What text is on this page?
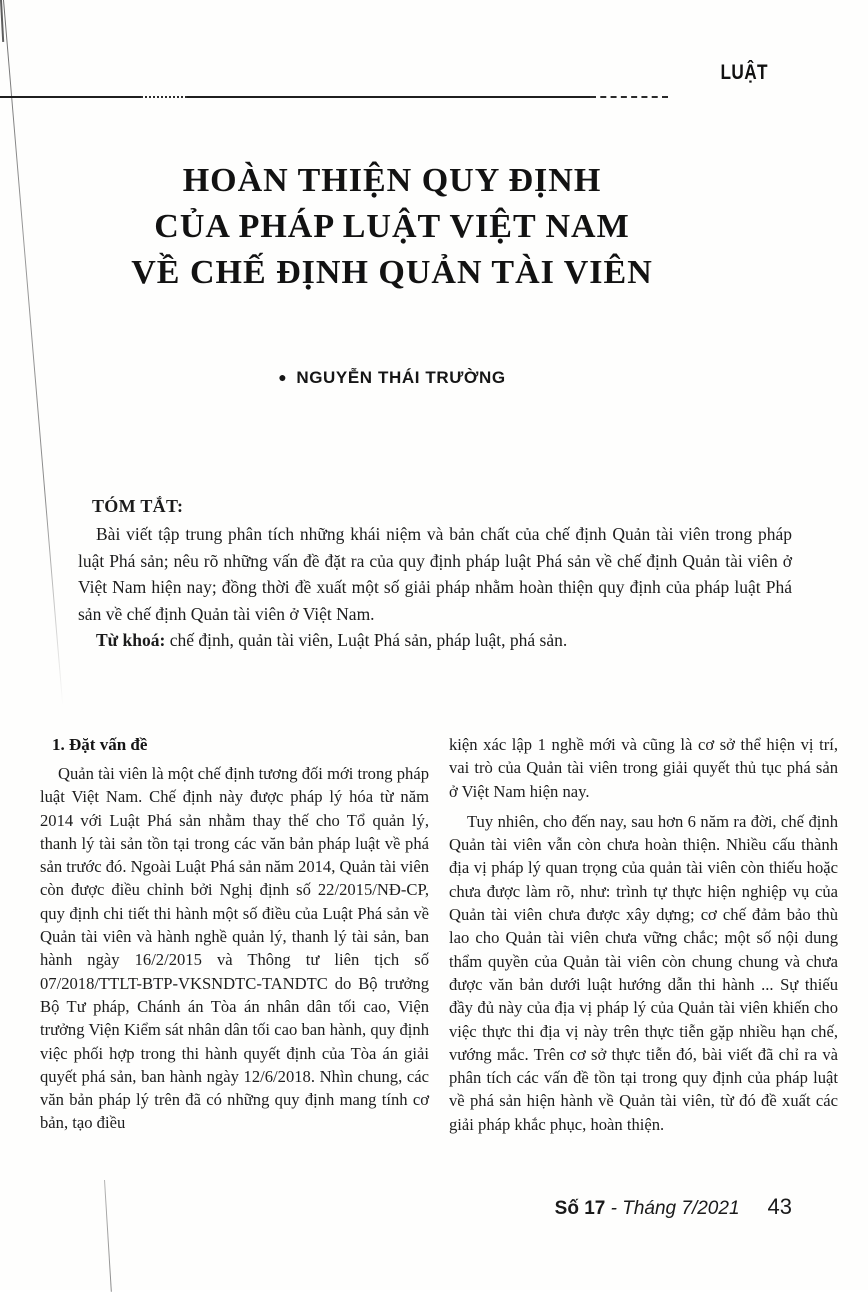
LUẬT
HOÀN THIỆN QUY ĐỊNH
CỦA PHÁP LUẬT VIỆT NAM
VỀ CHẾ ĐỊNH QUẢN TÀI VIÊN
● NGUYỄN THÁI TRƯỜNG

TÓM TẮT:

Bài viết tập trung phân tích những khái niệm và bản chất của chế định Quản tài viên trong pháp luật Phá sản; nêu rõ những vấn đề đặt ra của quy định pháp luật Phá sản về chế định Quản tài viên ở Việt Nam hiện nay; đồng thời đề xuất một số giải pháp nhằm hoàn thiện quy định của pháp luật Phá sản về chế định Quản tài viên ở Việt Nam.

Từ khoá: chế định, quản tài viên, Luật Phá sản, pháp luật, phá sản.

1. Đặt vấn đề

Quản tài viên là một chế định tương đối mới trong pháp luật Việt Nam. Chế định này được pháp lý hóa từ năm 2014 với Luật Phá sản nhằm thay thế cho Tổ quản lý, thanh lý tài sản tồn tại trong các văn bản pháp luật về phá sản trước đó. Ngoài Luật Phá sản năm 2014, Quản tài viên còn được điều chỉnh bởi Nghị định số 22/2015/NĐ-CP, quy định chi tiết thi hành một số điều của Luật Phá sản về Quản tài viên và hành nghề quản lý, thanh lý tài sản, ban hành ngày 16/2/2015 và Thông tư liên tịch số 07/2018/TTLT-BTP-VKSNDTC-TANDTC do Bộ trưởng Bộ Tư pháp, Chánh án Tòa án nhân dân tối cao, Viện trưởng Viện Kiểm sát nhân dân tối cao ban hành, quy định việc phối hợp trong thi hành quyết định của Tòa án giải quyết phá sản, ban hành ngày 12/6/2018. Nhìn chung, các văn bản pháp lý trên đã có những quy định mang tính cơ bản, tạo điều

kiện xác lập 1 nghề mới và cũng là cơ sở thể hiện vị trí, vai trò của Quản tài viên trong giải quyết thủ tục phá sản ở Việt Nam hiện nay.

Tuy nhiên, cho đến nay, sau hơn 6 năm ra đời, chế định Quản tài viên vẫn còn chưa hoàn thiện. Nhiều cấu thành địa vị pháp lý quan trọng của quản tài viên còn thiếu hoặc chưa được làm rõ, như: trình tự thực hiện nghiệp vụ của Quản tài viên chưa được xây dựng; cơ chế đảm bảo thù lao cho Quản tài viên chưa vững chắc; một số nội dung thẩm quyền của Quản tài viên còn chung chung và chưa được văn bản dưới luật hướng dẫn thi hành ... Sự thiếu đầy đủ này của địa vị pháp lý của Quản tài viên khiến cho việc thực thi địa vị này trên thực tiễn gặp nhiều hạn chế, vướng mắc. Trên cơ sở thực tiễn đó, bài viết đã chỉ ra và phân tích các vấn đề tồn tại trong quy định của pháp luật về phá sản hiện hành về Quản tài viên, từ đó đề xuất các giải pháp khắc phục, hoàn thiện.

Số 17 - Tháng 7/2021 43
